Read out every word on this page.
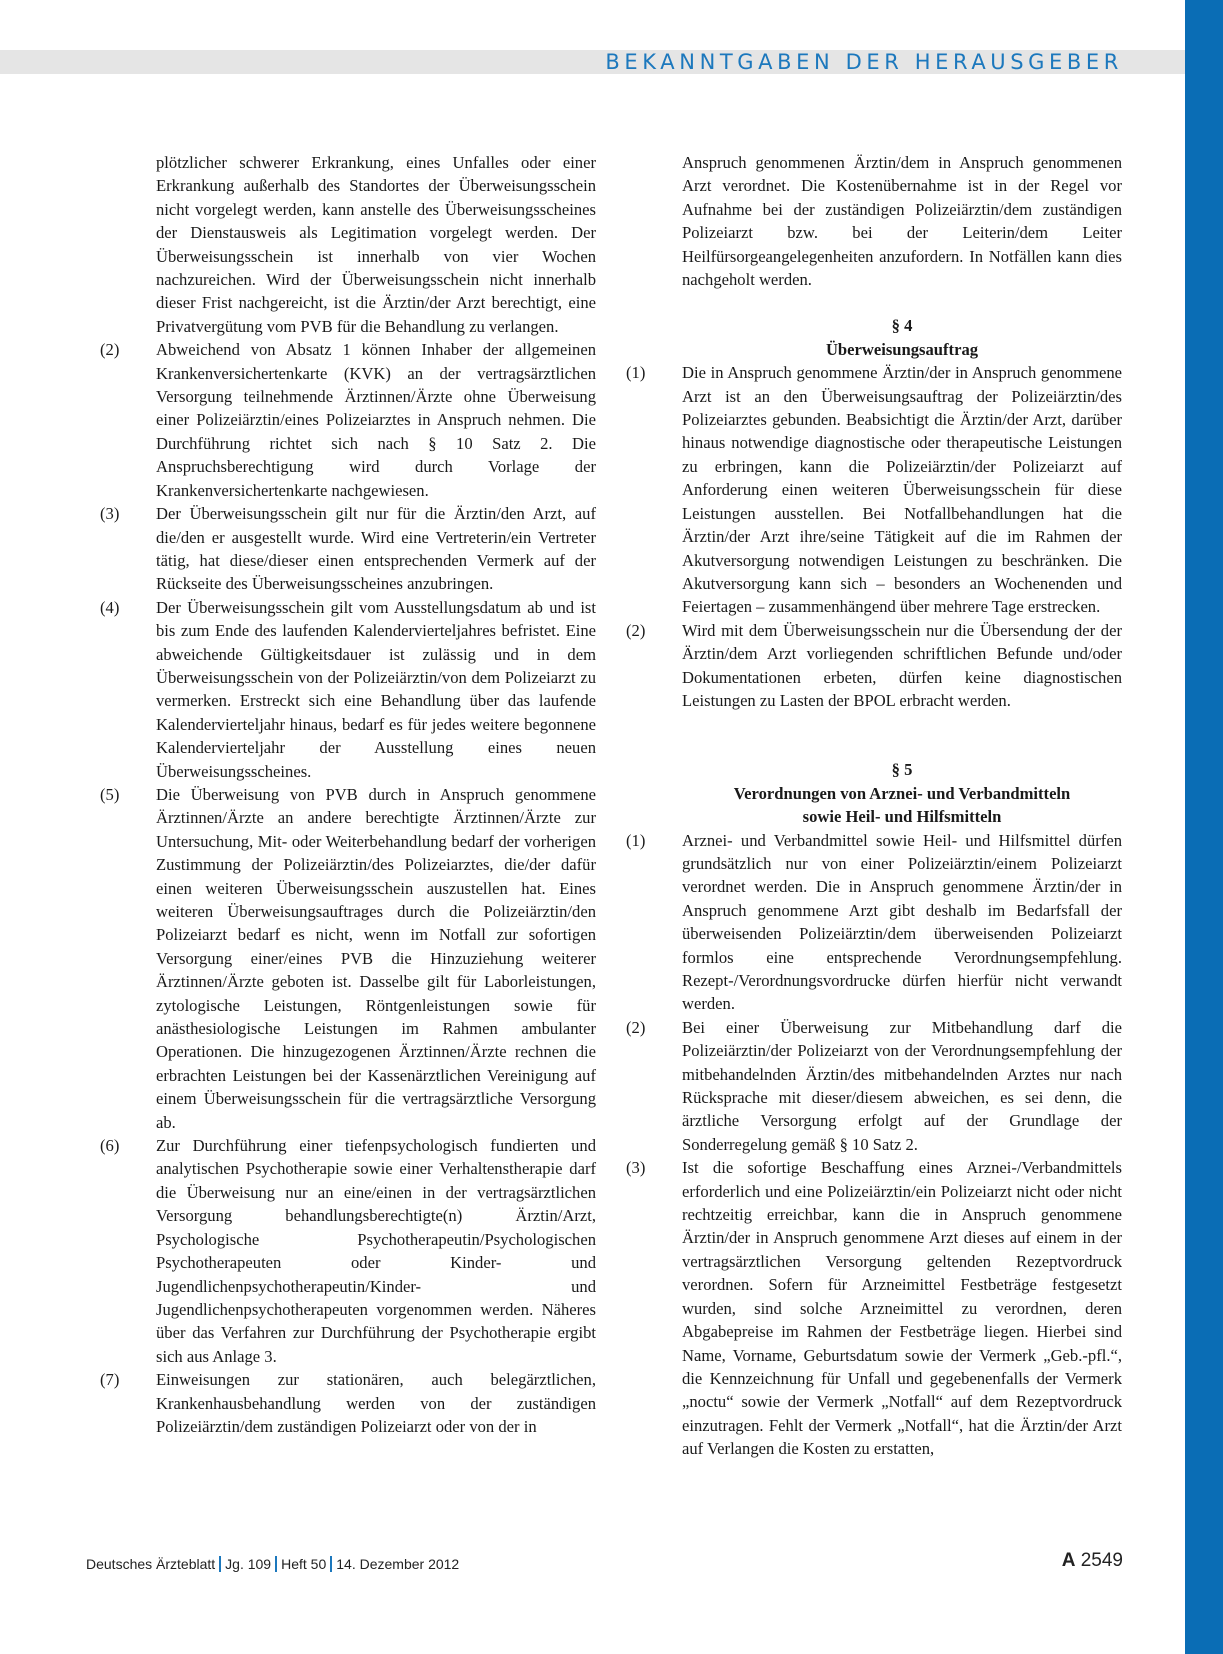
BEKANNTGABEN DER HERAUSGEBER

plötzlicher schwerer Erkrankung, eines Unfalles oder einer Erkrankung außerhalb des Standortes der Überweisungsschein nicht vorgelegt werden, kann anstelle des Überweisungsscheines der Dienstausweis als Legitimation vorgelegt werden. Der Überweisungsschein ist innerhalb von vier Wochen nachzureichen. Wird der Überweisungsschein nicht innerhalb dieser Frist nachgereicht, ist die Ärztin/der Arzt berechtigt, eine Privatvergütung vom PVB für die Behandlung zu verlangen.

(2) Abweichend von Absatz 1 können Inhaber der allgemeinen Krankenversichertenkarte (KVK) an der vertragsärztlichen Versorgung teilnehmende Ärztinnen/Ärzte ohne Überweisung einer Polizeiärztin/eines Polizeiarztes in Anspruch nehmen. Die Durchführung richtet sich nach § 10 Satz 2. Die Anspruchsberechtigung wird durch Vorlage der Krankenversichertenkarte nachgewiesen.
(3) Der Überweisungsschein gilt nur für die Ärztin/den Arzt, auf die/den er ausgestellt wurde. Wird eine Vertreterin/ein Vertreter tätig, hat diese/dieser einen entsprechenden Vermerk auf der Rückseite des Überweisungsscheines anzubringen.
(4) Der Überweisungsschein gilt vom Ausstellungsdatum ab und ist bis zum Ende des laufenden Kalendervierteljahres befristet. Eine abweichende Gültigkeitsdauer ist zulässig und in dem Überweisungsschein von der Polizeiärztin/von dem Polizeiarzt zu vermerken. Erstreckt sich eine Behandlung über das laufende Kalendervierteljahr hinaus, bedarf es für jedes weitere begonnene Kalendervierteljahr der Ausstellung eines neuen Überweisungsscheines.
(5) Die Überweisung von PVB durch in Anspruch genommene Ärztinnen/Ärzte an andere berechtigte Ärztinnen/Ärzte zur Untersuchung, Mit- oder Weiterbehandlung bedarf der vorherigen Zustimmung der Polizeiärztin/des Polizeiarztes, die/der dafür einen weiteren Überweisungsschein auszustellen hat. Eines weiteren Überweisungsauftrages durch die Polizeiärztin/den Polizeiarzt bedarf es nicht, wenn im Notfall zur sofortigen Versorgung einer/eines PVB die Hinzuziehung weiterer Ärztinnen/Ärzte geboten ist. Dasselbe gilt für Laborleistungen, zytologische Leistungen, Röntgenleistungen sowie für anästhesiologische Leistungen im Rahmen ambulanter Operationen. Die hinzugezogenen Ärztinnen/Ärzte rechnen die erbrachten Leistungen bei der Kassenärztlichen Vereinigung auf einem Überweisungsschein für die vertragsärztliche Versorgung ab.
(6) Zur Durchführung einer tiefenpsychologisch fundierten und analytischen Psychotherapie sowie einer Verhaltenstherapie darf die Überweisung nur an eine/einen in der vertragsärztlichen Versorgung behandlungsberechtigte(n) Ärztin/Arzt, Psychologische Psychotherapeutin/Psychologischen Psychotherapeuten oder Kinder- und Jugendlichenpsychotherapeutin/Kinder- und Jugendlichenpsychotherapeuten vorgenommen werden. Näheres über das Verfahren zur Durchführung der Psychotherapie ergibt sich aus Anlage 3.
(7) Einweisungen zur stationären, auch belegärztlichen, Krankenhausbehandlung werden von der zuständigen Polizeiärztin/dem zuständigen Polizeiarzt oder von der in

Anspruch genommenen Ärztin/dem in Anspruch genommenen Arzt verordnet. Die Kostenübernahme ist in der Regel vor Aufnahme bei der zuständigen Polizeiärztin/dem zuständigen Polizeiarzt bzw. bei der Leiterin/dem Leiter Heilfürsorgeangelegenheiten anzufordern. In Notfällen kann dies nachgeholt werden.

§ 4
Überweisungsauftrag
(1) Die in Anspruch genommene Ärztin/der in Anspruch genommene Arzt ist an den Überweisungsauftrag der Polizeiärztin/des Polizeiarztes gebunden. Beabsichtigt die Ärztin/der Arzt, darüber hinaus notwendige diagnostische oder therapeutische Leistungen zu erbringen, kann die Polizeiärztin/der Polizeiarzt auf Anforderung einen weiteren Überweisungsschein für diese Leistungen ausstellen. Bei Notfallbehandlungen hat die Ärztin/der Arzt ihre/seine Tätigkeit auf die im Rahmen der Akutversorgung notwendigen Leistungen zu beschränken. Die Akutversorgung kann sich – besonders an Wochenenden und Feiertagen – zusammenhängend über mehrere Tage erstrecken.
(2) Wird mit dem Überweisungsschein nur die Übersendung der der Ärztin/dem Arzt vorliegenden schriftlichen Befunde und/oder Dokumentationen erbeten, dürfen keine diagnostischen Leistungen zu Lasten der BPOL erbracht werden.
§ 5
Verordnungen von Arznei- und Verbandmitteln
sowie Heil- und Hilfsmitteln
(1) Arznei- und Verbandmittel sowie Heil- und Hilfsmittel dürfen grundsätzlich nur von einer Polizeiärztin/einem Polizeiarzt verordnet werden. Die in Anspruch genommene Ärztin/der in Anspruch genommene Arzt gibt deshalb im Bedarfsfall der überweisenden Polizeiärztin/dem überweisenden Polizeiarzt formlos eine entsprechende Verordnungsempfehlung. Rezept-/Verordnungsvordrucke dürfen hierfür nicht verwandt werden.
(2) Bei einer Überweisung zur Mitbehandlung darf die Polizeiärztin/der Polizeiarzt von der Verordnungsempfehlung der mitbehandelnden Ärztin/des mitbehandelnden Arztes nur nach Rücksprache mit dieser/diesem abweichen, es sei denn, die ärztliche Versorgung erfolgt auf der Grundlage der Sonderregelung gemäß § 10 Satz 2.
(3) Ist die sofortige Beschaffung eines Arznei-/Verbandmittels erforderlich und eine Polizeiärztin/ein Polizeiarzt nicht oder nicht rechtzeitig erreichbar, kann die in Anspruch genommene Ärztin/der in Anspruch genommene Arzt dieses auf einem in der vertragsärztlichen Versorgung geltenden Rezeptvordruck verordnen. Sofern für Arzneimittel Festbeträge festgesetzt wurden, sind solche Arzneimittel zu verordnen, deren Abgabepreise im Rahmen der Festbeträge liegen. Hierbei sind Name, Vorname, Geburtsdatum sowie der Vermerk „Geb.-pfl.“, die Kennzeichnung für Unfall und gegebenenfalls der Vermerk „noctu“ sowie der Vermerk „Notfall“ auf dem Rezeptvordruck einzutragen. Fehlt der Vermerk „Notfall“, hat die Ärztin/der Arzt auf Verlangen die Kosten zu erstatten,
Deutsches Ärzteblatt Jg. 109 Heft 50 14. Dezember 2012	A 2549
